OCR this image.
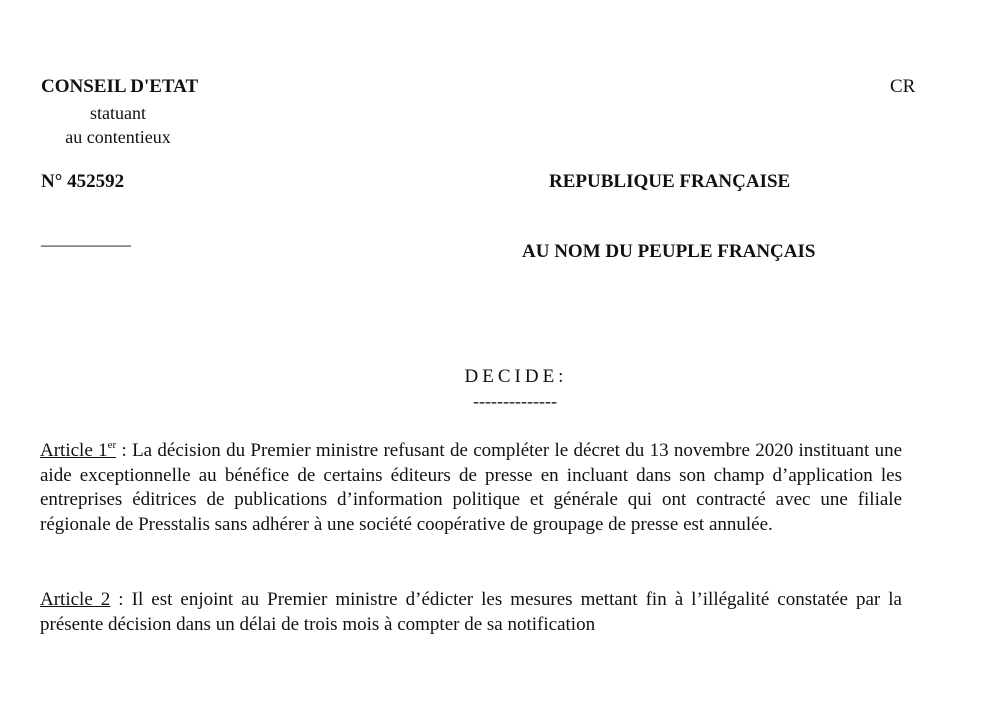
CONSEIL D'ETAT
statuant
au contentieux
CR
N° 452592	REPUBLIQUE FRANÇAISE
__________
AU NOM DU PEUPLE FRANÇAIS
DECIDE:
--------------
Article 1er : La décision du Premier ministre refusant de compléter le décret du 13 novembre 2020 instituant une aide exceptionnelle au bénéfice de certains éditeurs de presse en incluant dans son champ d’application les entreprises éditrices de publications d’information politique et générale qui ont contracté avec une filiale régionale de Presstalis sans adhérer à une société coopérative de groupage de presse est annulée.
Article 2 : Il est enjoint au Premier ministre d’édicter les mesures mettant fin à l’illégalité constatée par la présente décision dans un délai de trois mois à compter de sa notification
